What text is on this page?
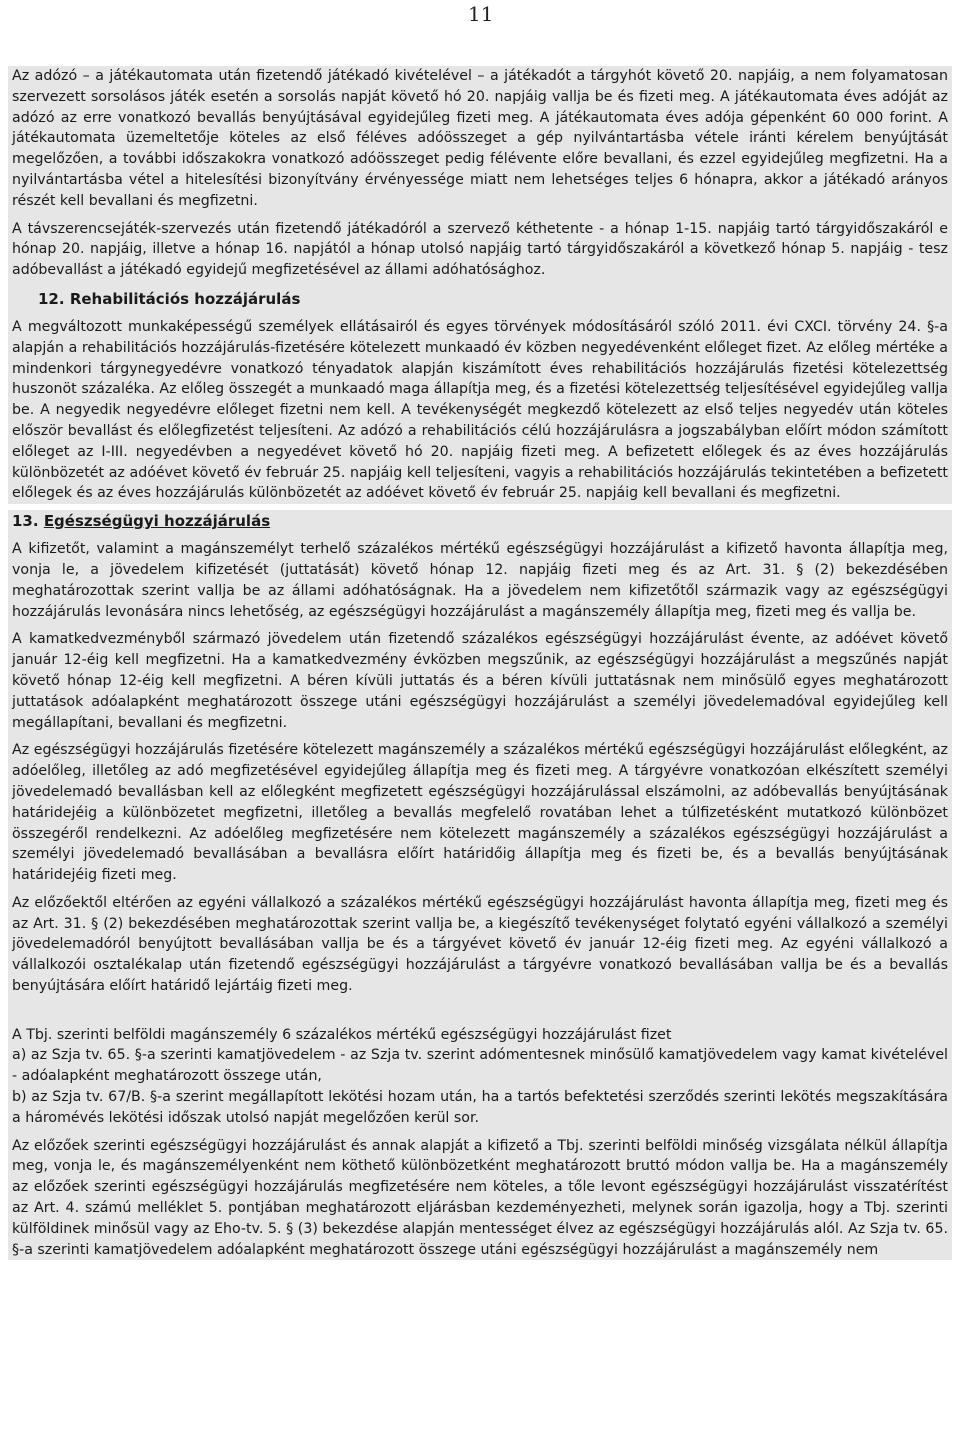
11
Az adózó – a játékautomata után fizetendő játékadó kivételével – a játékadót a tárgyhót követő 20. napjáig, a nem folyamatosan szervezett sorsolásos játék esetén a sorsolás napját követő hó 20. napjáig vallja be és fizeti meg. A játékautomata éves adóját az adózó az erre vonatkozó bevallás benyújtásával egyidejűleg fizeti meg. A játékautomata éves adója gépenként 60 000 forint. A játékautomata üzemeltetője köteles az első féléves adóösszeget a gép nyilvántartásba vétele iránti kérelem benyújtását megelőzően, a további időszakokra vonatkozó adóösszeget pedig félévente előre bevallani, és ezzel egyidejűleg megfizetni. Ha a nyilvántartásba vétel a hitelesítési bizonyítvány érvényessége miatt nem lehetséges teljes 6 hónapra, akkor a játékadó arányos részét kell bevallani és megfizetni.
A távszerencsejáték-szervezés után fizetendő játékadóról a szervező kéthetente - a hónap 1-15. napjáig tartó tárgyidőszakáról e hónap 20. napjáig, illetve a hónap 16. napjától a hónap utolsó napjáig tartó tárgyidőszakáról a következő hónap 5. napjáig - tesz adóbevallást a játékadó egyidejű megfizetésével az állami adóhatósághoz.
12. Rehabilitációs hozzájárulás
A megváltozott munkaképességű személyek ellátásairól és egyes törvények módosításáról szóló 2011. évi CXCI. törvény 24. §-a alapján a rehabilitációs hozzájárulás-fizetésére kötelezett munkaadó év közben negyedévenként előleget fizet. Az előleg mértéke a mindenkori tárgynegyedévre vonatkozó tényadatok alapján kiszámított éves rehabilitációs hozzájárulás fizetési kötelezettség huszonöt százaléka. Az előleg összegét a munkaadó maga állapítja meg, és a fizetési kötelezettség teljesítésével egyidejűleg vallja be. A negyedik negyedévre előleget fizetni nem kell. A tevékenységét megkezdő kötelezett az első teljes negyedév után köteles először bevallást és előlegfizetést teljesíteni. Az adózó a rehabilitációs célú hozzájárulásra a jogszabályban előírt módon számított előleget az I-III. negyedévben a negyedévet követő hó 20. napjáig fizeti meg. A befizetett előlegek és az éves hozzájárulás különbözetét az adóévet követő év február 25. napjáig kell teljesíteni, vagyis a rehabilitációs hozzájárulás tekintetében a befizetett előlegek és az éves hozzájárulás különbözetét az adóévet követő év február 25. napjáig kell bevallani és megfizetni.
13. Egészségügyi hozzájárulás
A kifizetőt, valamint a magánszemélyt terhelő százalékos mértékű egészségügyi hozzájárulást a kifizető havonta állapítja meg, vonja le, a jövedelem kifizetését (juttatását) követő hónap 12. napjáig fizeti meg és az Art. 31. § (2) bekezdésében meghatározottak szerint vallja be az állami adóhatóságnak. Ha a jövedelem nem kifizetőtől származik vagy az egészségügyi hozzájárulás levonására nincs lehetőség, az egészségügyi hozzájárulást a magánszemély állapítja meg, fizeti meg és vallja be.
A kamatkedvezményből származó jövedelem után fizetendő százalékos egészségügyi hozzájárulást évente, az adóévet követő január 12-éig kell megfizetni. Ha a kamatkedvezmény évközben megszűnik, az egészségügyi hozzájárulást a megszűnés napját követő hónap 12-éig kell megfizetni. A béren kívüli juttatás és a béren kívüli juttatásnak nem minősülő egyes meghatározott juttatások adóalapként meghatározott összege utáni egészségügyi hozzájárulást a személyi jövedelemadóval egyidejűleg kell megállapítani, bevallani és megfizetni.
Az egészségügyi hozzájárulás fizetésére kötelezett magánszemély a százalékos mértékű egészségügyi hozzájárulást előlegként, az adóelőleg, illetőleg az adó megfizetésével egyidejűleg állapítja meg és fizeti meg. A tárgyévre vonatkozóan elkészített személyi jövedelemadó bevallásban kell az előlegként megfizetett egészségügyi hozzájárulással elszámolni, az adóbevallás benyújtásának határidejéig a különbözetet megfizetni, illetőleg a bevallás megfelelő rovatában lehet a túlfizetésként mutatkozó különbözet összegéről rendelkezni. Az adóelőleg megfizetésére nem kötelezett magánszemély a százalékos egészségügyi hozzájárulást a személyi jövedelemadó bevallásában a bevallásra előírt határidőig állapítja meg és fizeti be, és a bevallás benyújtásának határidejéig fizeti meg.
Az előzőektől eltérően az egyéni vállalkozó a százalékos mértékű egészségügyi hozzájárulást havonta állapítja meg, fizeti meg és az Art. 31. § (2) bekezdésében meghatározottak szerint vallja be, a kiegészítő tevékenységet folytató egyéni vállalkozó a személyi jövedelemadóról benyújtott bevallásában vallja be és a tárgyévet követő év január 12-éig fizeti meg. Az egyéni vállalkozó a vállalkozói osztalékalap után fizetendő egészségügyi hozzájárulást a tárgyévre vonatkozó bevallásában vallja be és a bevallás benyújtására előírt határidő lejártáig fizeti meg.

A Tbj. szerinti belföldi magánszemély 6 százalékos mértékű egészségügyi hozzájárulást fizet
a) az Szja tv. 65. §-a szerinti kamatjövedelem - az Szja tv. szerint adómentesnek minősülő kamatjövedelem vagy kamat kivételével - adóalapként meghatározott összege után,
b) az Szja tv. 67/B. §-a szerint megállapított lekötési hozam után, ha a tartós befektetési szerződés szerinti lekötés megszakítására a háromévés lekötési időszak utolsó napját megelőzően kerül sor.

Az előzőek szerinti egészségügyi hozzájárulást és annak alapját a kifizető a Tbj. szerinti belföldi minőség vizsgálata nélkül állapítja meg, vonja le, és magánszemélyenként nem köthető különbözetként meghatározott bruttó módon vallja be. Ha a magánszemély az előzőek szerinti egészségügyi hozzájárulás megfizetésére nem köteles, a tőle levont egészségügyi hozzájárulást visszatérítést az Art. 4. számú melléklet 5. pontjában meghatározott eljárásban kezdeményezheti, melynek során igazolja, hogy a Tbj. szerinti külföldinek minősül vagy az Eho-tv. 5. § (3) bekezdése alapján mentességet élvez az egészségügyi hozzájárulás alól. Az Szja tv. 65. §-a szerinti kamatjövedelem adóalapként meghatározott összege utáni egészségügyi hozzájárulást a magánszemély nem
